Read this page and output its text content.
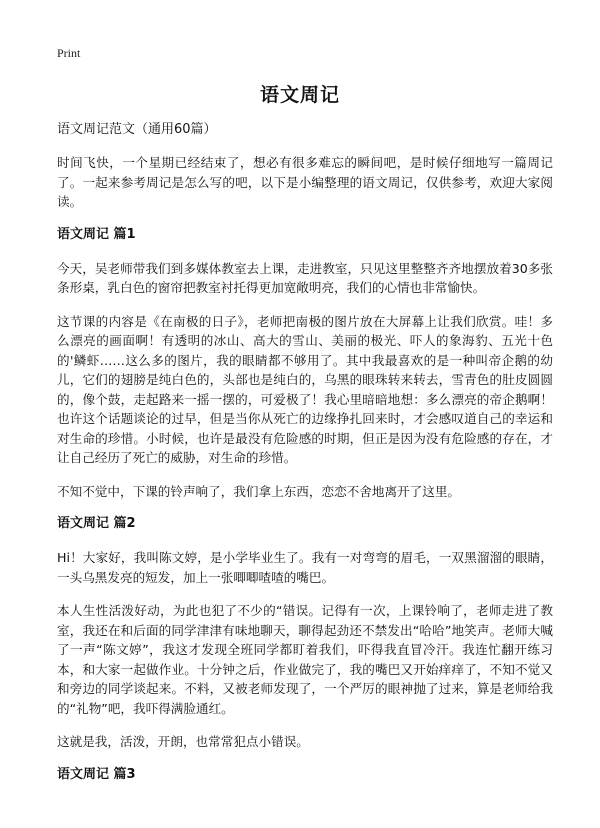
Print
语文周记
语文周记范文（通用60篇）

时间飞快，一个星期已经结束了，想必有很多难忘的瞬间吧，是时候仔细地写一篇周记了。一起来参考周记是怎么写的吧，以下是小编整理的语文周记，仅供参考，欢迎大家阅读。

语文周记 篇1

今天，吴老师带我们到多媒体教室去上课，走进教室，只见这里整整齐齐地摆放着30多张条形桌，乳白色的窗帘把教室衬托得更加宽敞明亮，我们的心情也非常愉快。

这节课的内容是《在南极的日子》，老师把南极的图片放在大屏幕上让我们欣赏。哇！多么漂亮的画面啊！有透明的冰山、高大的雪山、美丽的极光、吓人的象海豹、五光十色的'鳞虾……这么多的图片，我的眼睛都不够用了。其中我最喜欢的是一种叫帝企鹅的幼儿，它们的翅膀是纯白色的，头部也是纯白的，乌黑的眼珠转来转去，雪青色的肚皮圆圆的，像个鼓，走起路来一摇一摆的，可爱极了！我心里暗暗地想：多么漂亮的帝企鹅啊！也许这个话题谈论的过早，但是当你从死亡的边缘挣扎回来时，才会感叹道自己的幸运和对生命的珍惜。小时候，也许是最没有危险感的时期，但正是因为没有危险感的存在，才让自己经历了死亡的威胁，对生命的珍惜。

不知不觉中，下课的铃声响了，我们拿上东西，恋恋不舍地离开了这里。

语文周记 篇2

Hi！大家好，我叫陈文婷，是小学毕业生了。我有一对弯弯的眉毛，一双黑溜溜的眼睛，一头乌黑发亮的短发，加上一张唧唧喳喳的嘴巴。

本人生性活泼好动，为此也犯了不少的“错误。记得有一次，上课铃响了，老师走进了教室，我还在和后面的同学津津有味地聊天，聊得起劲还不禁发出“哈哈”地笑声。老师大喊了一声“陈文婷”，我这才发现全班同学都盯着我们，吓得我直冒冷汗。我连忙翻开练习本，和大家一起做作业。十分钟之后，作业做完了，我的嘴巴又开始痒痒了，不知不觉又和旁边的同学谈起来。不料，又被老师发现了，一个严厉的眼神抛了过来，算是老师给我的“礼物”吧，我吓得满脸通红。

这就是我，活泼，开朗，也常常犯点小错误。

语文周记 篇3
